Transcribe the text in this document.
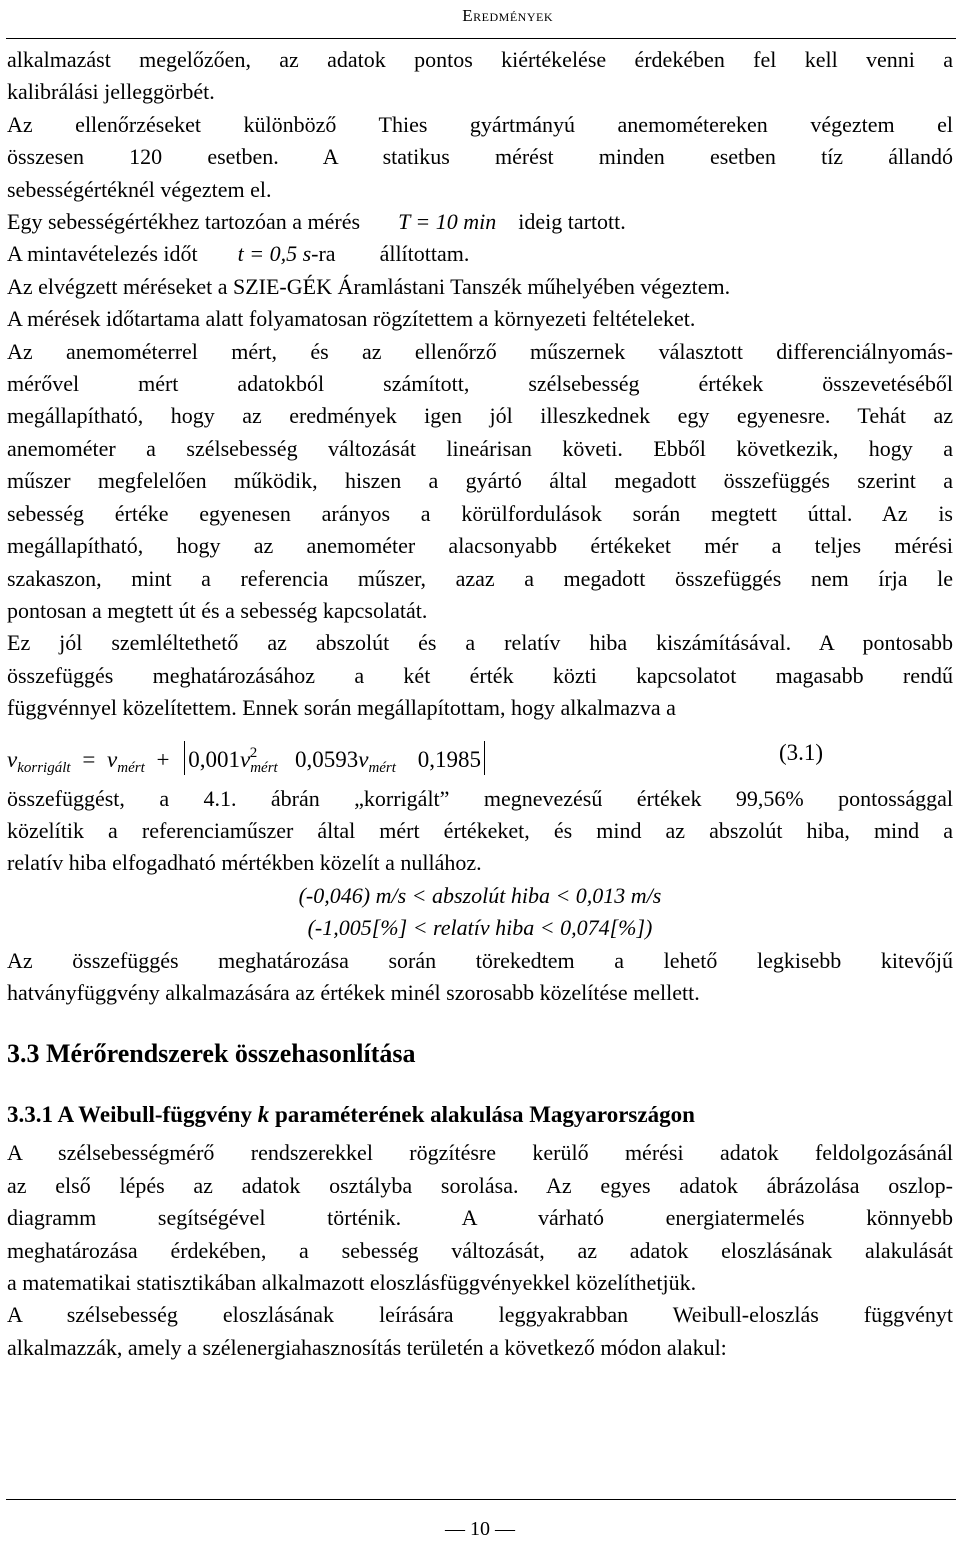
Eredmények

alkalmazást megelőzően, az adatok pontos kiértékelése érdekében fel kell venni a

kalibrálási jelleggörbét.

Az ellenőrzéseket különböző Thies gyártmányú anemométereken végeztem el

összesen 120 esetben. A statikus mérést minden esetben tíz állandó

sebességértéknél végeztem el.

Egy sebességértékhez tartozóan a mérés T = 10 min ideig tartott.

A mintavételezés időt t = 0,5 s-ra állítottam.

Az elvégzett méréseket a SZIE-GÉK Áramlástani Tanszék műhelyében végeztem.

A mérések időtartama alatt folyamatosan rögzítettem a környezeti feltételeket.

Az anemométerrel mért, és az ellenőrző műszernek választott differenciálnyomás-

mérővel mért adatokból számított, szélsebesség értékek összevetéséből

megállapítható, hogy az eredmények igen jól illeszkednek egy egyenesre. Tehát az

anemométer a szélsebesség változását lineárisan követi. Ebből következik, hogy a

műszer megfelelően működik, hiszen a gyártó által megadott összefüggés szerint a

sebesség értéke egyenesen arányos a körülfordulások során megtett úttal. Az is

megállapítható, hogy az anemométer alacsonyabb értékeket mér a teljes mérési

szakaszon, mint a referencia műszer, azaz a megadott összefüggés nem írja le

pontosan a megtett út és a sebesség kapcsolatát.

Ez jól szemléltethető az abszolút és a relatív hiba kiszámításával. A pontosabb

összefüggés meghatározásához a két érték közti kapcsolatot magasabb rendű

függvénnyel közelítettem. Ennek során megállapítottam, hogy alkalmazva a

$v_{korrigált} = v_{mért} + 0,001v_{mért}^2$ $0,0593v_{mért}$ 0,1985	(3.1)

összefüggést, a 4.1. ábrán „korrigált” megnevezésű értékek 99,56% pontossággal

közelítik a referenciaműszer által mért értékeket, és mind az abszolút hiba, mind a

relatív hiba elfogadható mértékben közelít a nullához.

(-0,046) m/s < abszolút hiba < 0,013 m/s

(-1,005[%] < relatív hiba < 0,074[%])

Az összefüggés meghatározása során törekedtem a lehető legkisebb kitevőjű

hatványfüggvény alkalmazására az értékek minél szorosabb közelítése mellett.

3.3 Mérőrendszerek összehasonlítása
3.3.1 A Weibull-függvény k paraméterének alakulása Magyarországon

A szélsebességmérő rendszerekkel rögzítésre kerülő mérési adatok feldolgozásánál

az első lépés az adatok osztályba sorolása. Az egyes adatok ábrázolása oszlop-

diagramm segítségével történik. A várható energiatermelés könnyebb

meghatározása érdekében, a sebesség változását, az adatok eloszlásának alakulását

a matematikai statisztikában alkalmazott eloszlásfüggvényekkel közelíthetjük.

A szélsebesség eloszlásának leírására leggyakrabban Weibull-eloszlás függvényt

alkalmazzák, amely a szélenergiahasznosítás területén a következő módon alakul:

— 10 —
